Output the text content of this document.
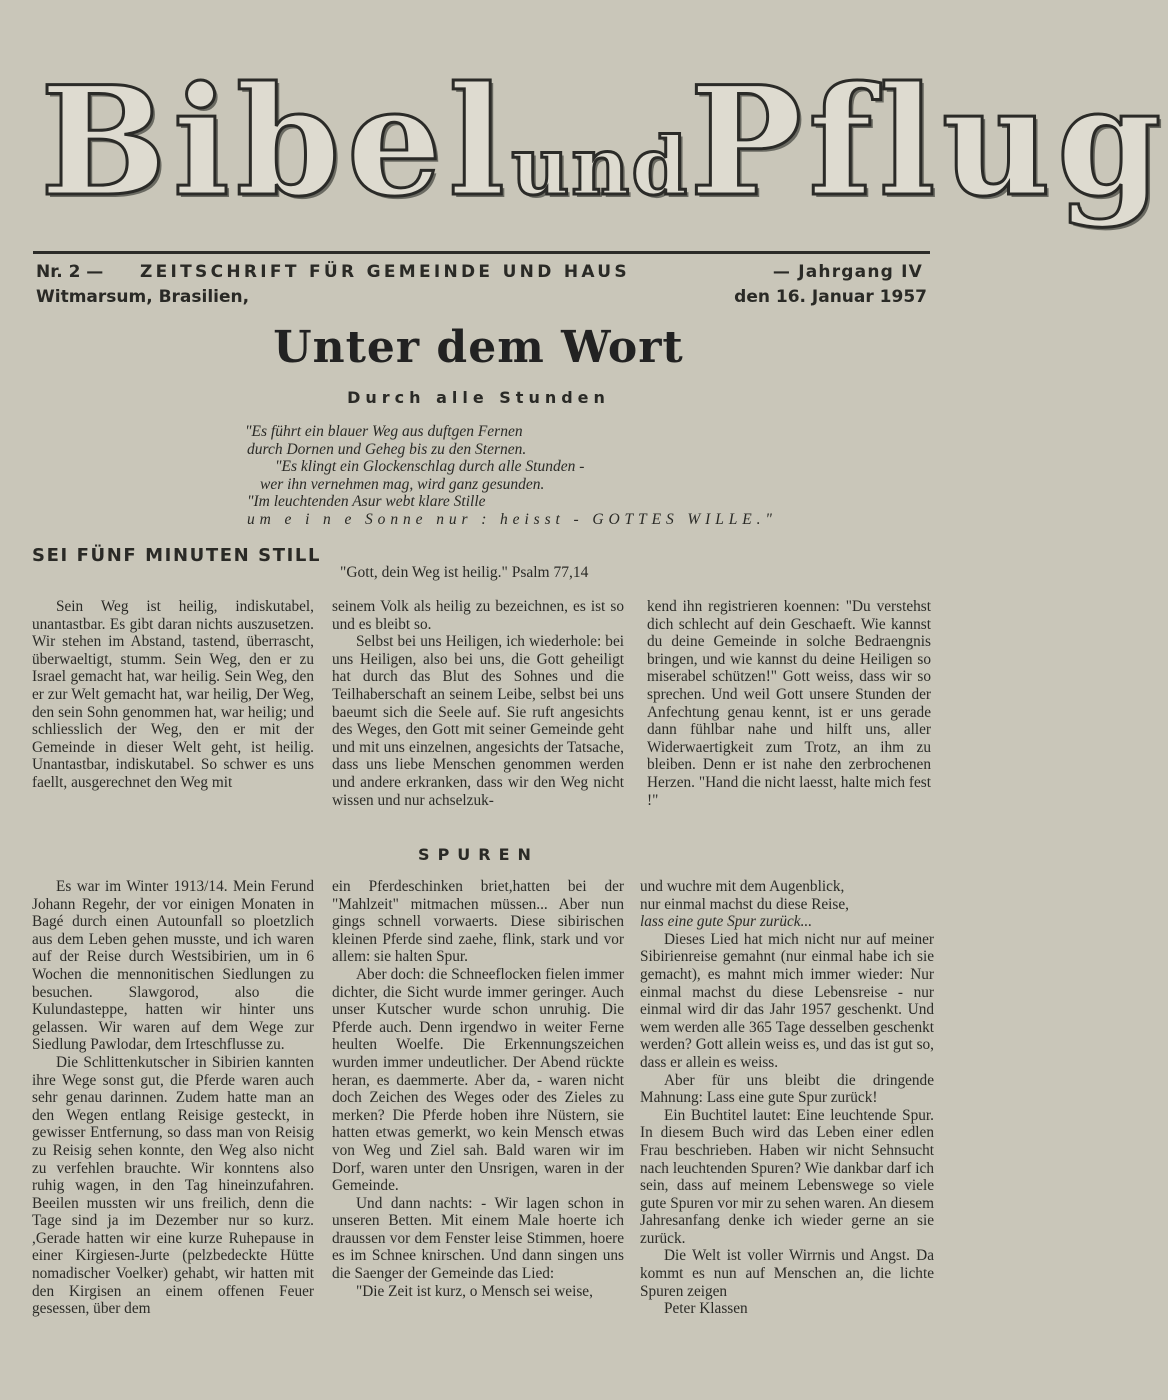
BibelundPflug
Nr. 2 — ZEITSCHRIFT FÜR GEMEINDE UND HAUS	— Jahrgang IV
Witmarsum, Brasilien,	den 16. Januar 1957
Unter dem Wort
Durch alle Stunden
"Es führt ein blauer Weg aus duftgen Fernen
durch Dornen und Geheg bis zu den Sternen.
"Es klingt ein Glockenschlag durch alle Stunden -
wer ihn vernehmen mag, wird ganz gesunden.
"Im leuchtenden Asur webt klare Stille
um e i n e Sonne nur : heisst - GOTTES WILLE."
SEI FÜNF MINUTEN STILL
"Gott, dein Weg ist heilig." Psalm 77,14

Sein Weg ist heilig, indiskutabel, unantastbar. Es gibt daran nichts auszusetzen. Wir stehen im Abstand, tastend, überrascht, überwaeltigt, stumm. Sein Weg, den er zu Israel gemacht hat, war heilig. Sein Weg, den er zur Welt gemacht hat, war heilig, Der Weg, den sein Sohn genommen hat, war heilig; und schliesslich der Weg, den er mit der Gemeinde in dieser Welt geht, ist heilig. Unantastbar, indiskutabel. So schwer es uns faellt, ausgerechnet den Weg mit

seinem Volk als heilig zu bezeichnen, es ist so und es bleibt so.

Selbst bei uns Heiligen, ich wiederhole: bei uns Heiligen, also bei uns, die Gott geheiligt hat durch das Blut des Sohnes und die Teilhaberschaft an seinem Leibe, selbst bei uns baeumt sich die Seele auf. Sie ruft angesichts des Weges, den Gott mit seiner Gemeinde geht und mit uns einzelnen, angesichts der Tatsache, dass uns liebe Menschen genommen werden und andere erkranken, dass wir den Weg nicht wissen und nur achselzuk-

kend ihn registrieren koennen: "Du verstehst dich schlecht auf dein Geschaeft. Wie kannst du deine Gemeinde in solche Bedraengnis bringen, und wie kannst du deine Heiligen so miserabel schützen!" Gott weiss, dass wir so sprechen. Und weil Gott unsere Stunden der Anfechtung genau kennt, ist er uns gerade dann fühlbar nahe und hilft uns, aller Widerwaertigkeit zum Trotz, an ihm zu bleiben. Denn er ist nahe den zerbrochenen Herzen. "Hand die nicht laesst, halte mich fest !"

SPUREN

Es war im Winter 1913/14. Mein Ferund Johann Regehr, der vor einigen Monaten in Bagé durch einen Autounfall so ploetzlich aus dem Leben gehen musste, und ich waren auf der Reise durch Westsibirien, um in 6 Wochen die mennonitischen Siedlungen zu besuchen. Slawgorod, also die Kulundasteppe, hatten wir hinter uns gelassen. Wir waren auf dem Wege zur Siedlung Pawlodar, dem Irteschflusse zu.

Die Schlittenkutscher in Sibirien kannten ihre Wege sonst gut, die Pferde waren auch sehr genau darinnen. Zudem hatte man an den Wegen entlang Reisige gesteckt, in gewisser Entfernung, so dass man von Reisig zu Reisig sehen konnte, den Weg also nicht zu verfehlen brauchte. Wir konntens also ruhig wagen, in den Tag hineinzufahren. Beeilen mussten wir uns freilich, denn die Tage sind ja im Dezember nur so kurz. ,Gerade hatten wir eine kurze Ruhepause in einer Kirgiesen-Jurte (pelzbedeckte Hütte nomadischer Voelker) gehabt, wir hatten mit den Kirgisen an einem offenen Feuer gesessen, über dem

ein Pferdeschinken briet,hatten bei der "Mahlzeit" mitmachen müssen... Aber nun gings schnell vorwaerts. Diese sibirischen kleinen Pferde sind zaehe, flink, stark und vor allem: sie halten Spur.

Aber doch: die Schneeflocken fielen immer dichter, die Sicht wurde immer geringer. Auch unser Kutscher wurde schon unruhig. Die Pferde auch. Denn irgendwo in weiter Ferne heulten Woelfe. Die Erkennungszeichen wurden immer undeutlicher. Der Abend rückte heran, es daemmerte. Aber da, - waren nicht doch Zeichen des Weges oder des Zieles zu merken? Die Pferde hoben ihre Nüstern, sie hatten etwas gemerkt, wo kein Mensch etwas von Weg und Ziel sah. Bald waren wir im Dorf, waren unter den Unsrigen, waren in der Gemeinde.

Und dann nachts: - Wir lagen schon in unseren Betten. Mit einem Male hoerte ich draussen vor dem Fenster leise Stimmen, hoere es im Schnee knirschen. Und dann singen uns die Saenger der Gemeinde das Lied:

"Die Zeit ist kurz, o Mensch sei weise,

und wuchre mit dem Augenblick,

nur einmal machst du diese Reise,

lass eine gute Spur zurück...

Dieses Lied hat mich nicht nur auf meiner Sibirienreise gemahnt (nur einmal habe ich sie gemacht), es mahnt mich immer wieder: Nur einmal machst du diese Lebensreise - nur einmal wird dir das Jahr 1957 geschenkt. Und wem werden alle 365 Tage desselben geschenkt werden? Gott allein weiss es, und das ist gut so, dass er allein es weiss.

Aber für uns bleibt die dringende Mahnung: Lass eine gute Spur zurück!

Ein Buchtitel lautet: Eine leuchtende Spur. In diesem Buch wird das Leben einer edlen Frau beschrieben. Haben wir nicht Sehnsucht nach leuchtenden Spuren? Wie dankbar darf ich sein, dass auf meinem Lebenswege so viele gute Spuren vor mir zu sehen waren. An diesem Jahresanfang denke ich wieder gerne an sie zurück.

Die Welt ist voller Wirrnis und Angst. Da kommt es nun auf Menschen an, die lichte Spuren zeigen

Peter Klassen
